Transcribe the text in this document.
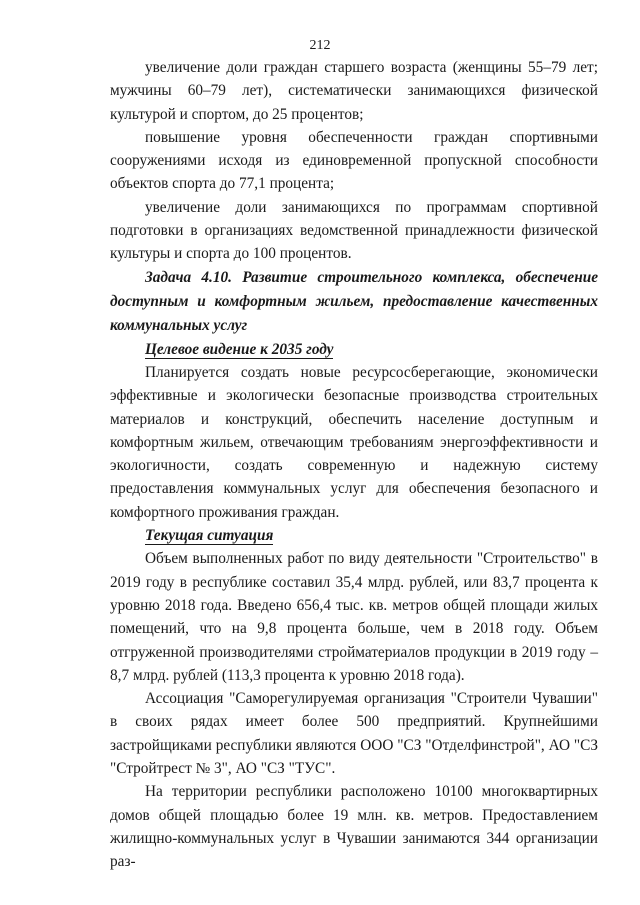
212

увеличение доли граждан старшего возраста (женщины 55–79 лет; мужчины 60–79 лет), систематически занимающихся физической культурой и спортом, до 25 процентов;

повышение уровня обеспеченности граждан спортивными сооружениями исходя из единовременной пропускной способности объектов спорта до 77,1 процента;

увеличение доли занимающихся по программам спортивной подготовки в организациях ведомственной принадлежности физической культуры и спорта до 100 процентов.

Задача 4.10. Развитие строительного комплекса, обеспечение доступным и комфортным жильем, предоставление качественных коммунальных услуг

Целевое видение к 2035 году

Планируется создать новые ресурсосберегающие, экономически эффективные и экологически безопасные производства строительных материалов и конструкций, обеспечить население доступным и комфортным жильем, отвечающим требованиям энергоэффективности и экологичности, создать современную и надежную систему предоставления коммунальных услуг для обеспечения безопасного и комфортного проживания граждан.

Текущая ситуация

Объем выполненных работ по виду деятельности "Строительство" в 2019 году в республике составил 35,4 млрд. рублей, или 83,7 процента к уровню 2018 года. Введено 656,4 тыс. кв. метров общей площади жилых помещений, что на 9,8 процента больше, чем в 2018 году. Объем отгруженной производителями стройматериалов продукции в 2019 году – 8,7 млрд. рублей (113,3 процента к уровню 2018 года).

Ассоциация "Саморегулируемая организация "Строители Чувашии" в своих рядах имеет более 500 предприятий. Крупнейшими застройщиками республики являются ООО "СЗ "Отделфинстрой", АО "СЗ "Стройтрест № 3", АО "СЗ "ТУС".

На территории республики расположено 10100 многоквартирных домов общей площадью более 19 млн. кв. метров. Предоставлением жилищно-коммунальных услуг в Чувашии занимаются 344 организации раз-
